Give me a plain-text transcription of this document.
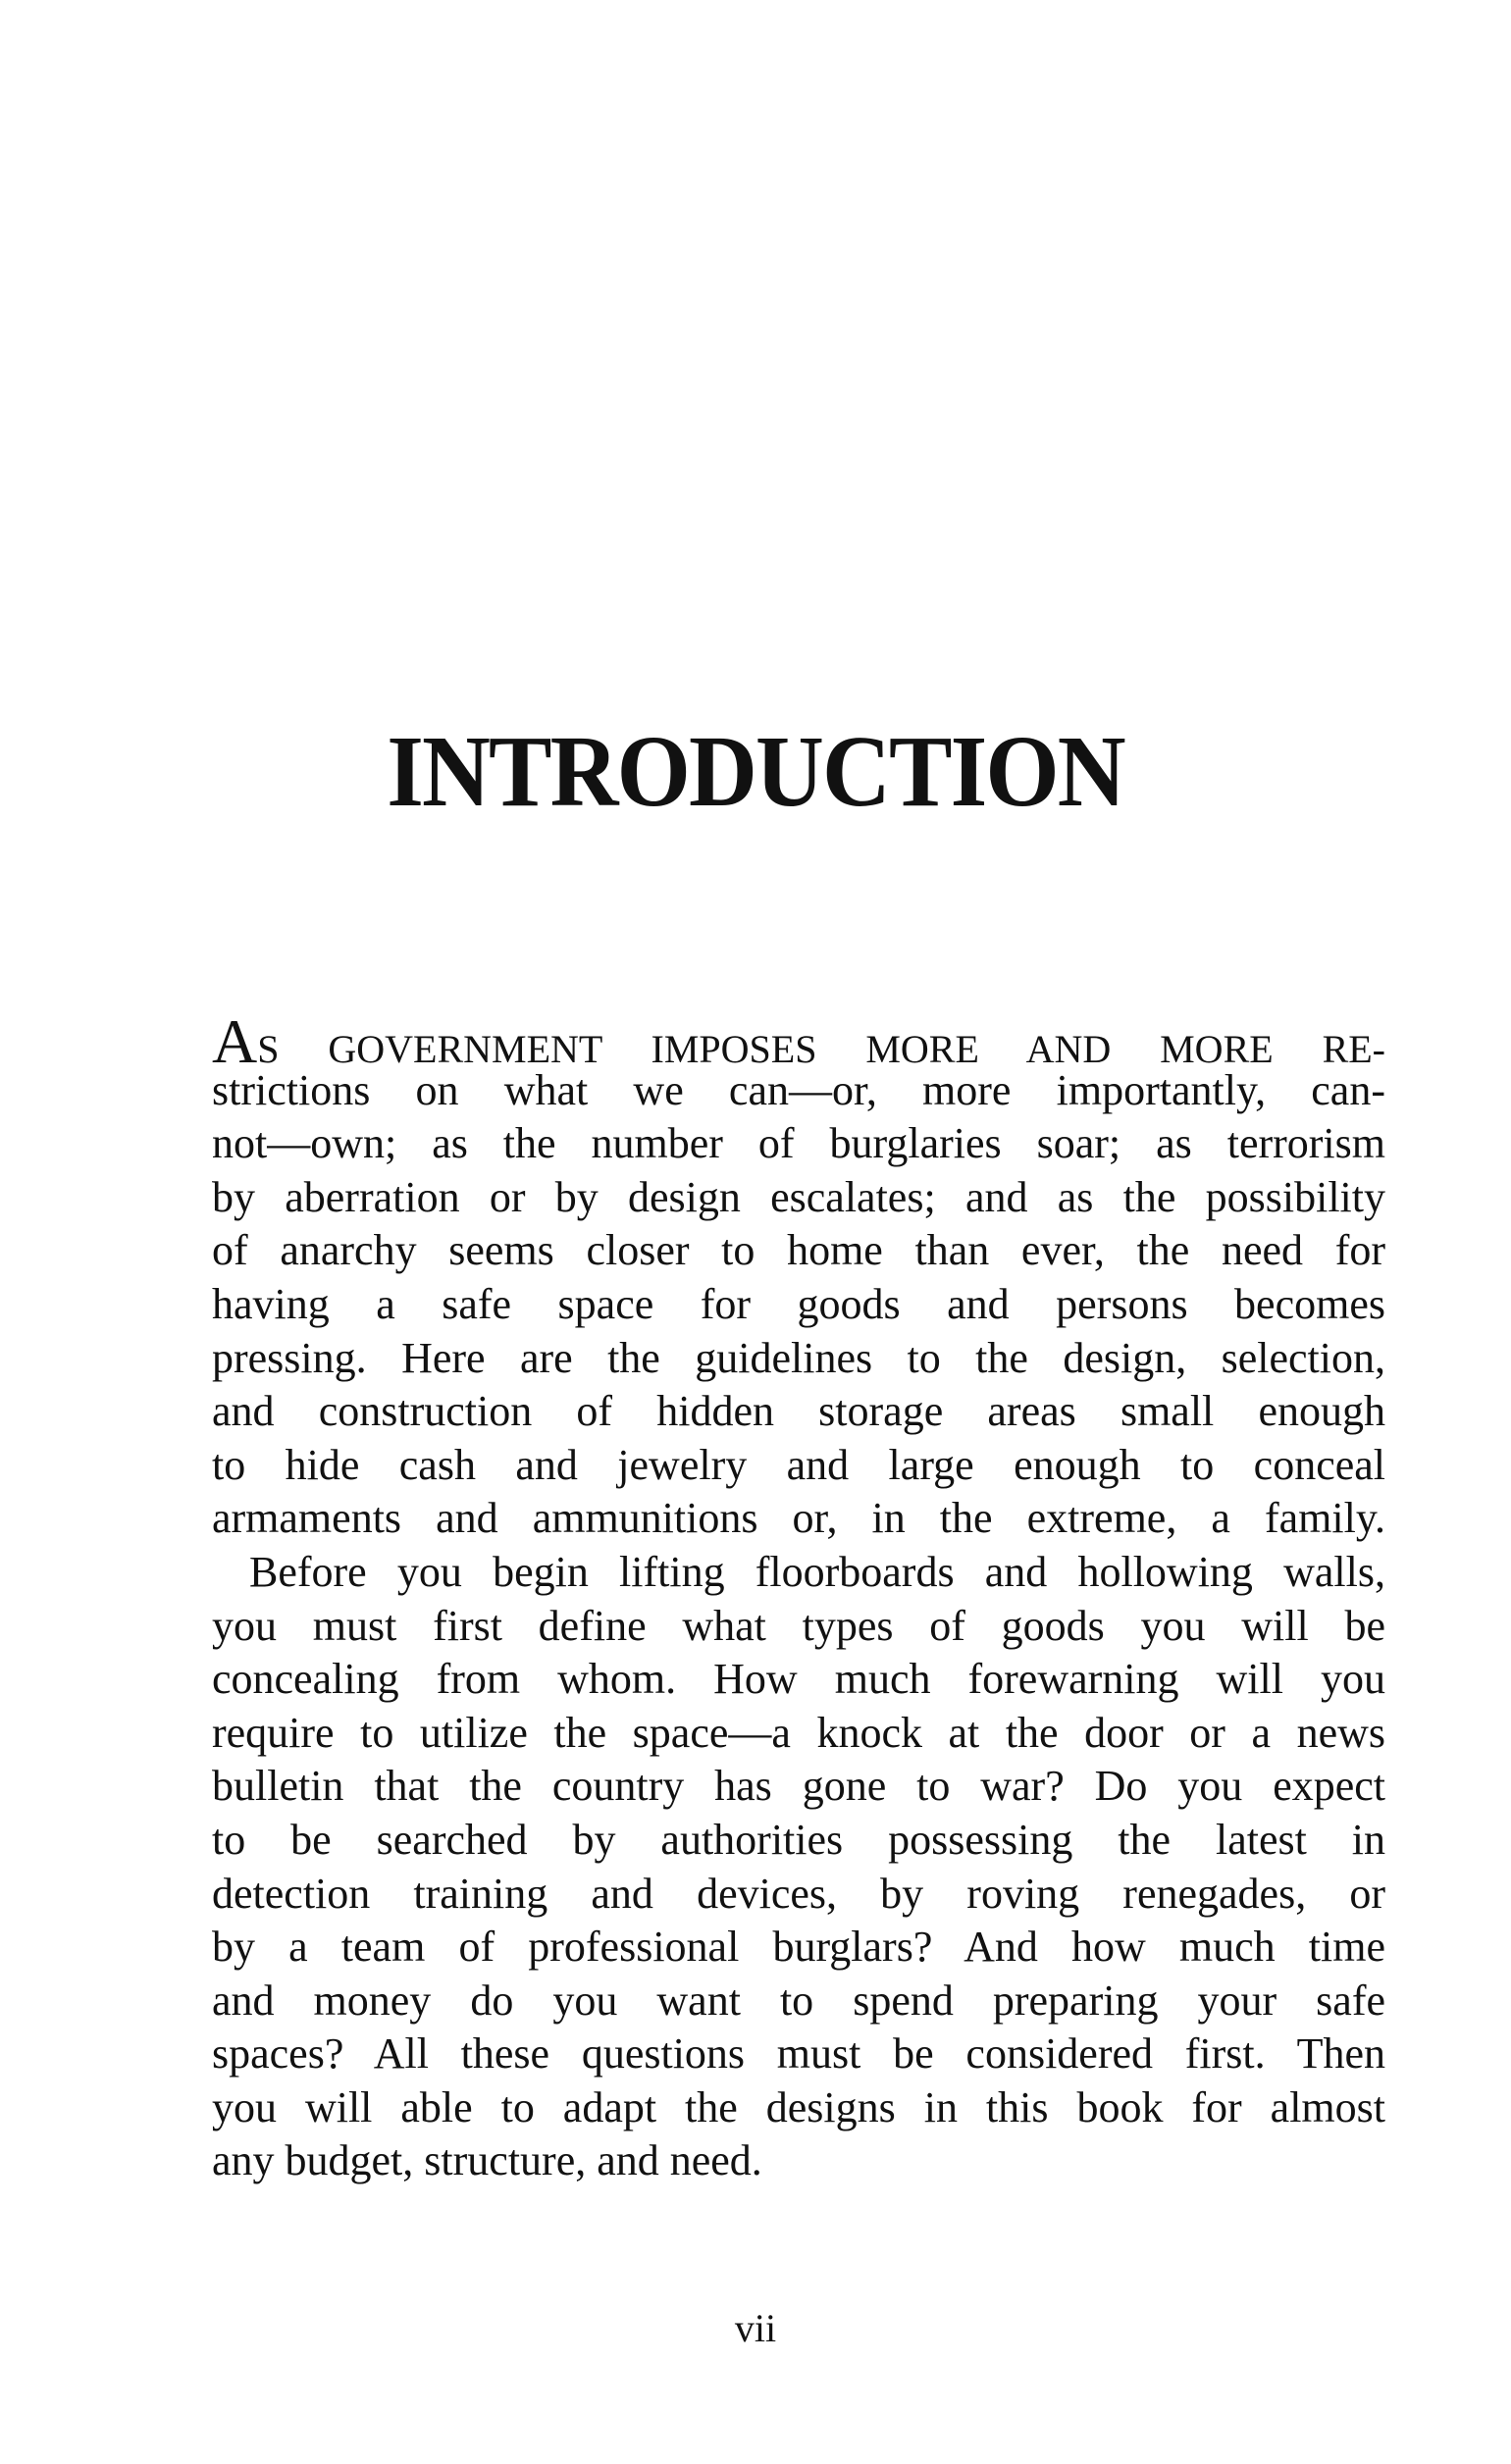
INTRODUCTION
AS GOVERNMENT IMPOSES MORE AND MORE RE-
strictions on what we can—or, more importantly, can-
not—own; as the number of burglaries soar; as terrorism
by aberration or by design escalates; and as the possibility
of anarchy seems closer to home than ever, the need for
having a safe space for goods and persons becomes
pressing. Here are the guidelines to the design, selection,
and construction of hidden storage areas small enough
to hide cash and jewelry and large enough to conceal
armaments and ammunitions or, in the extreme, a family.
Before you begin lifting floorboards and hollowing walls,
you must first define what types of goods you will be
concealing from whom. How much forewarning will you
require to utilize the space—a knock at the door or a news
bulletin that the country has gone to war? Do you expect
to be searched by authorities possessing the latest in
detection training and devices, by roving renegades, or
by a team of professional burglars? And how much time
and money do you want to spend preparing your safe
spaces? All these questions must be considered first. Then
you will able to adapt the designs in this book for almost
any budget, structure, and need.

vii
